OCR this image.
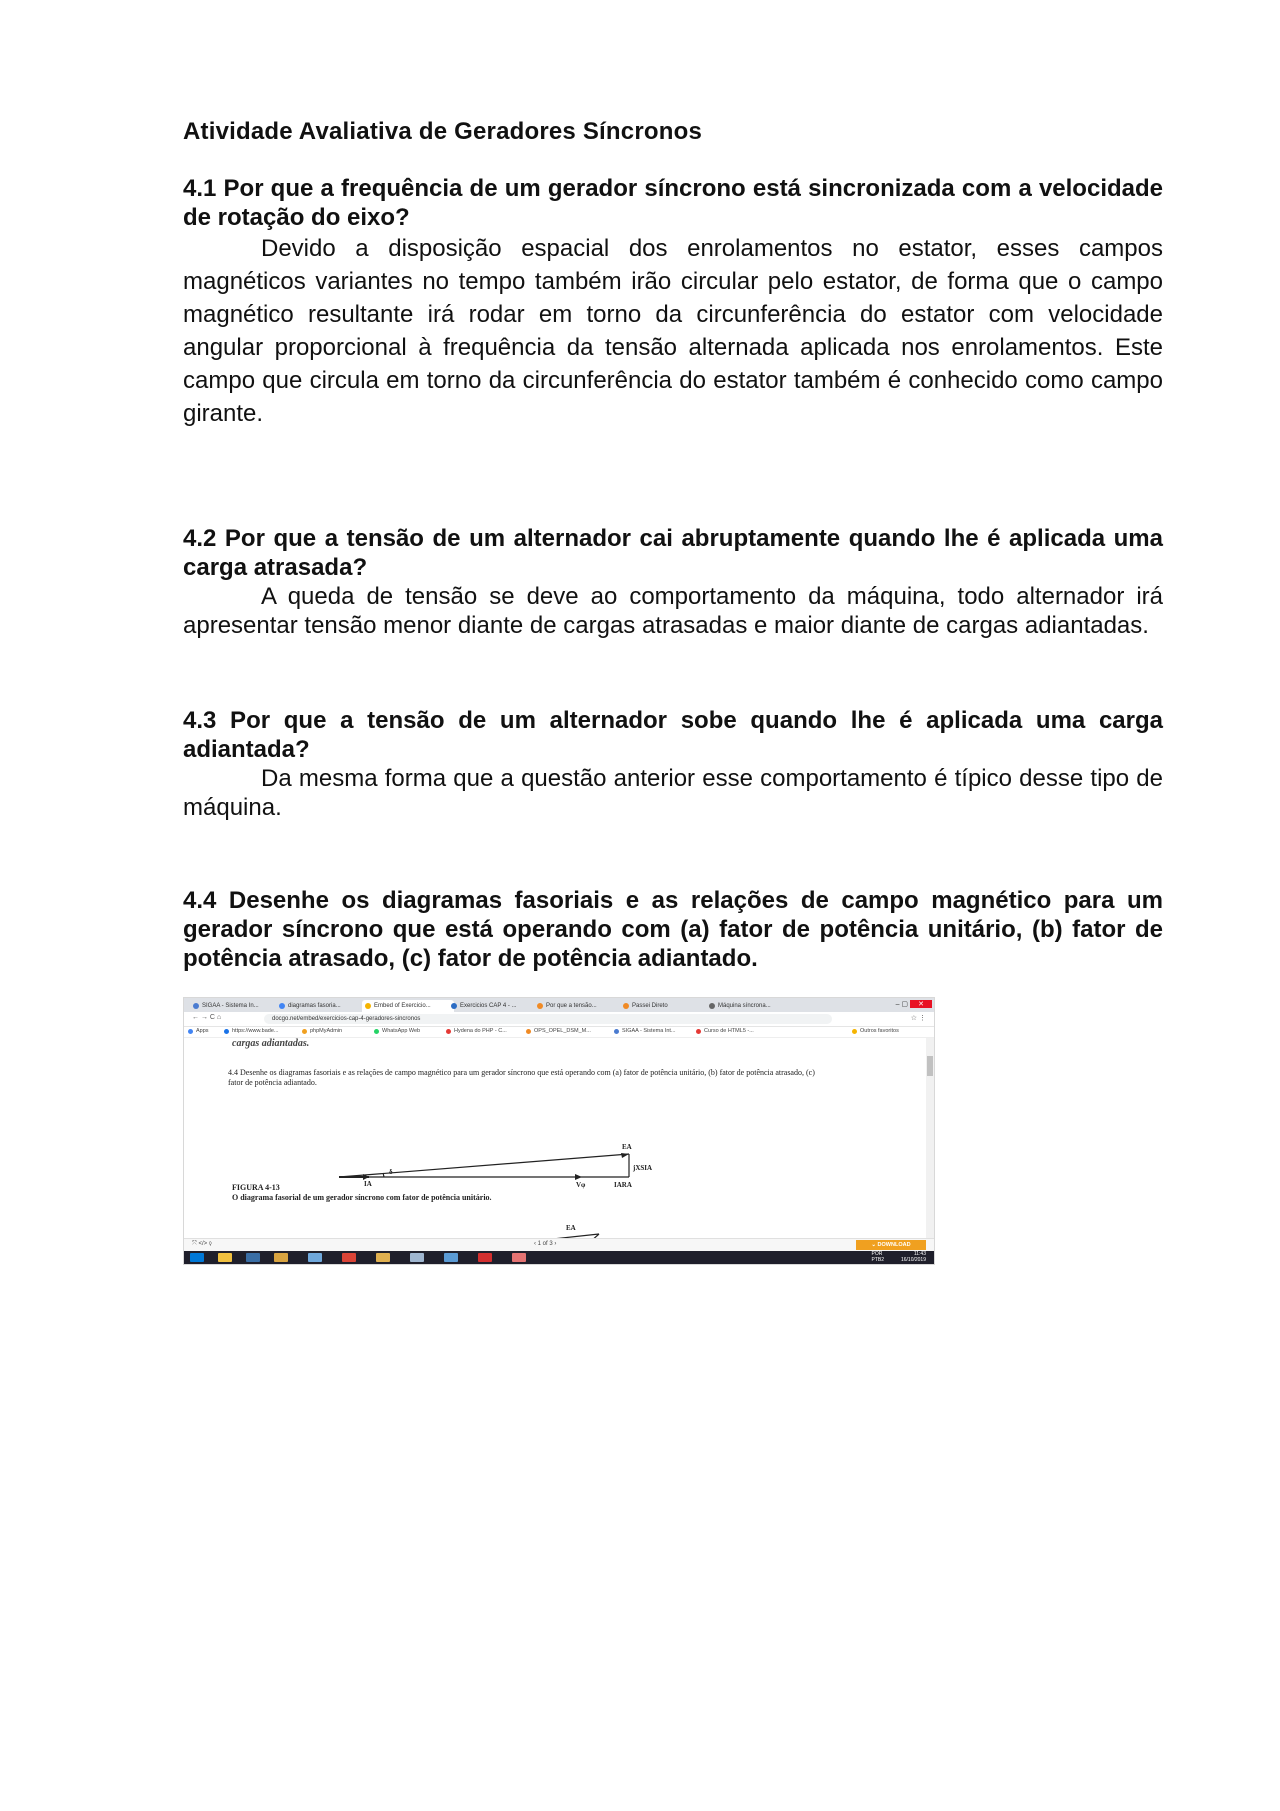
Atividade Avaliativa de Geradores Síncronos

4.1 Por que a frequência de um gerador síncrono está sincronizada com a velocidade de rotação do eixo?

Devido a disposição espacial dos enrolamentos no estator, esses campos magnéticos variantes no tempo também irão circular pelo estator, de forma que o campo magnético resultante irá rodar em torno da circunferência do estator com velocidade angular proporcional à frequência da tensão alternada aplicada nos enrolamentos. Este campo que circula em torno da circunferência do estator também é conhecido como campo girante.

4.2 Por que a tensão de um alternador cai abruptamente quando lhe é aplicada uma carga atrasada?

A queda de tensão se deve ao comportamento da máquina, todo alternador irá apresentar tensão menor diante de cargas atrasadas e maior diante de cargas adiantadas.

4.3 Por que a tensão de um alternador sobe quando lhe é aplicada uma carga adiantada?

Da mesma forma que a questão anterior esse comportamento é típico desse tipo de máquina.

4.4 Desenhe os diagramas fasoriais e as relações de campo magnético para um gerador síncrono que está operando com (a) fator de potência unitário, (b) fator de potência atrasado, (c) fator de potência adiantado.

SIGAA - Sistema In...	diagramas fasoria...	Embed of Exercicio...	Exercicios CAP 4 - ...	Por que a tensão...	Passei Direto	Máquina síncrona...	– ▢ ✕
← → C ⌂	docgo.net/embed/exercicios-cap-4-geradores-sincronos	☆ ⋮
Apps	https://www.bade...	phpMyAdmin	WhatsApp Web	Hydena do PHP - C...	OPS_OPEL_DSM_M...	SIGAA - Sistema Int...	Curso de HTML5 -...	Outros favoritos
cargas adiantadas.
4.4 Desenhe os diagramas fasoriais e as relações de campo magnético para um gerador síncrono que está operando com (a) fator de potência unitário, (b) fator de potência atrasado, (c) fator de potência adiantado.
FIGURA 4-13
O diagrama fasorial de um gerador síncrono com fator de potência unitário.
EA
jXSIA
δ
IA	Vφ	IARA
EA
⤧ </> ⚲	‹ 1 of 3 ›	⌄ DOWNLOAD
POR
PTB2
11:43
16/10/2019
